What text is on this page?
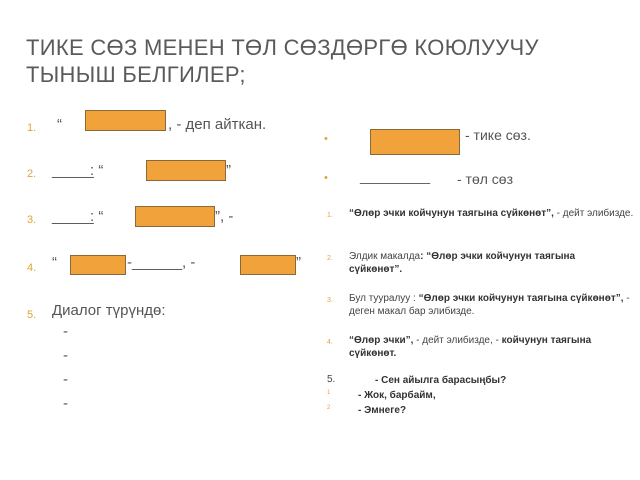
ТИКЕ СӨЗ МЕНЕН ТӨЛ СӨЗДӨРГӨ КОЮЛУУЧУ ТЫНЫШ БЕЛГИЛЕР;
1. “	, - деп айткан.
2. _____
: “	”
3. _____
: “	”, -
4. “	-______, -	”
5. Диалог түрүндө:
-
-
-
-
•	- тике сөз.
• _________ - төл сөз
1. “Өлөр эчки койчунун таягына сүйкөнөт”, - дейт элибизде.
2. Элдик макалда: “Өлөр эчки койчунун таягына сүйкөнөт”.
3. Бул тууралуу : “Өлөр эчки койчунун таягына сүйкөнөт”, - деген макал бар элибизде.
4. “Өлөр эчки”, - дейт элибизде, - койчунун таягына сүйкөнөт.
5.	- Сен айылга барасыңбы?
1	- Жок, барбайм,
2	- Эмнеге?
